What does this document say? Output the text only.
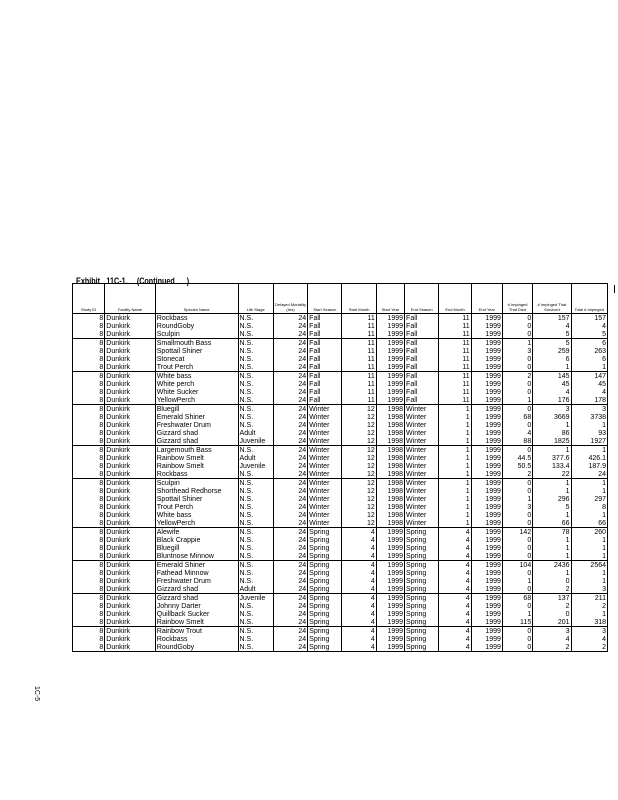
Exhibit 11C-1. (Continued      )

Study ID	Facility Name	Species Name	Life Stage	Delayed Mortality (hrs)	Start Season	Start Month	Start Year	End Season	End Month	End Year	# Impinged That Died	# Impinged That Survived	Total # Impinged
8	Dunkirk	Rockbass	N.S.	24	Fall	11	1999	Fall	11	1999	0	157	157
8	Dunkirk	RoundGoby	N.S.	24	Fall	11	1999	Fall	11	1999	0	4	4
8	Dunkirk	Sculpin	N.S.	24	Fall	11	1999	Fall	11	1999	0	5	5
8	Dunkirk	Smallmouth Bass	N.S.	24	Fall	11	1999	Fall	11	1999	1	5	6
8	Dunkirk	Spottail Shiner	N.S.	24	Fall	11	1999	Fall	11	1999	3	259	263
8	Dunkirk	Stonecat	N.S.	24	Fall	11	1999	Fall	11	1999	0	6	6
8	Dunkirk	Trout Perch	N.S.	24	Fall	11	1999	Fall	11	1999	0	1	1
8	Dunkirk	White bass	N.S.	24	Fall	11	1999	Fall	11	1999	2	145	147
8	Dunkirk	White perch	N.S.	24	Fall	11	1999	Fall	11	1999	0	45	45
8	Dunkirk	White Sucker	N.S.	24	Fall	11	1999	Fall	11	1999	0	4	4
8	Dunkirk	YellowPerch	N.S.	24	Fall	11	1999	Fall	11	1999	1	176	178
8	Dunkirk	Bluegill	N.S.	24	Winter	12	1998	Winter	1	1999	0	3	3
8	Dunkirk	Emerald Shiner	N.S.	24	Winter	12	1998	Winter	1	1999	68	3669	3738
8	Dunkirk	Freshwater Drum	N.S.	24	Winter	12	1998	Winter	1	1999	0	1	1
8	Dunkirk	Gizzard shad	Adult	24	Winter	12	1998	Winter	1	1999	4	86	93
8	Dunkirk	Gizzard shad	Juvenile	24	Winter	12	1998	Winter	1	1999	88	1825	1927
8	Dunkirk	Largemouth Bass	N.S.	24	Winter	12	1998	Winter	1	1999	0	1	1
8	Dunkirk	Rainbow Smelt	Adult	24	Winter	12	1998	Winter	1	1999	44.5	377.6	426.1
8	Dunkirk	Rainbow Smelt	Juvenile	24	Winter	12	1998	Winter	1	1999	50.5	133.4	187.9
8	Dunkirk	Rockbass	N.S.	24	Winter	12	1998	Winter	1	1999	2	22	24
8	Dunkirk	Sculpin	N.S.	24	Winter	12	1998	Winter	1	1999	0	1	1
8	Dunkirk	Shorthead Redhorse	N.S.	24	Winter	12	1998	Winter	1	1999	0	1	1
8	Dunkirk	Spottail Shiner	N.S.	24	Winter	12	1998	Winter	1	1999	1	296	297
8	Dunkirk	Trout Perch	N.S.	24	Winter	12	1998	Winter	1	1999	3	5	8
8	Dunkirk	White bass	N.S.	24	Winter	12	1998	Winter	1	1999	0	1	1
8	Dunkirk	YellowPerch	N.S.	24	Winter	12	1998	Winter	1	1999	0	66	66
8	Dunkirk	Alewife	N.S.	24	Spring	4	1999	Spring	4	1999	142	78	260
8	Dunkirk	Black Crappie	N.S.	24	Spring	4	1999	Spring	4	1999	0	1	1
8	Dunkirk	Bluegill	N.S.	24	Spring	4	1999	Spring	4	1999	0	1	1
8	Dunkirk	Bluntnose Minnow	N.S.	24	Spring	4	1999	Spring	4	1999	0	1	1
8	Dunkirk	Emerald Shiner	N.S.	24	Spring	4	1999	Spring	4	1999	104	2436	2564
8	Dunkirk	Fathead Minnow	N.S.	24	Spring	4	1999	Spring	4	1999	0	1	1
8	Dunkirk	Freshwater Drum	N.S.	24	Spring	4	1999	Spring	4	1999	1	0	1
8	Dunkirk	Gizzard shad	Adult	24	Spring	4	1999	Spring	4	1999	0	2	3
8	Dunkirk	Gizzard shad	Juvenile	24	Spring	4	1999	Spring	4	1999	68	137	211
8	Dunkirk	Johnny Darter	N.S.	24	Spring	4	1999	Spring	4	1999	0	2	2
8	Dunkirk	Quillback Sucker	N.S.	24	Spring	4	1999	Spring	4	1999	1	0	1
8	Dunkirk	Rainbow Smelt	N.S.	24	Spring	4	1999	Spring	4	1999	115	201	318
8	Dunkirk	Rainbow Trout	N.S.	24	Spring	4	1999	Spring	4	1999	0	3	3
8	Dunkirk	Rockbass	N.S.	24	Spring	4	1999	Spring	4	1999	0	4	4
8	Dunkirk	RoundGoby	N.S.	24	Spring	4	1999	Spring	4	1999	0	2	2
1C-5
